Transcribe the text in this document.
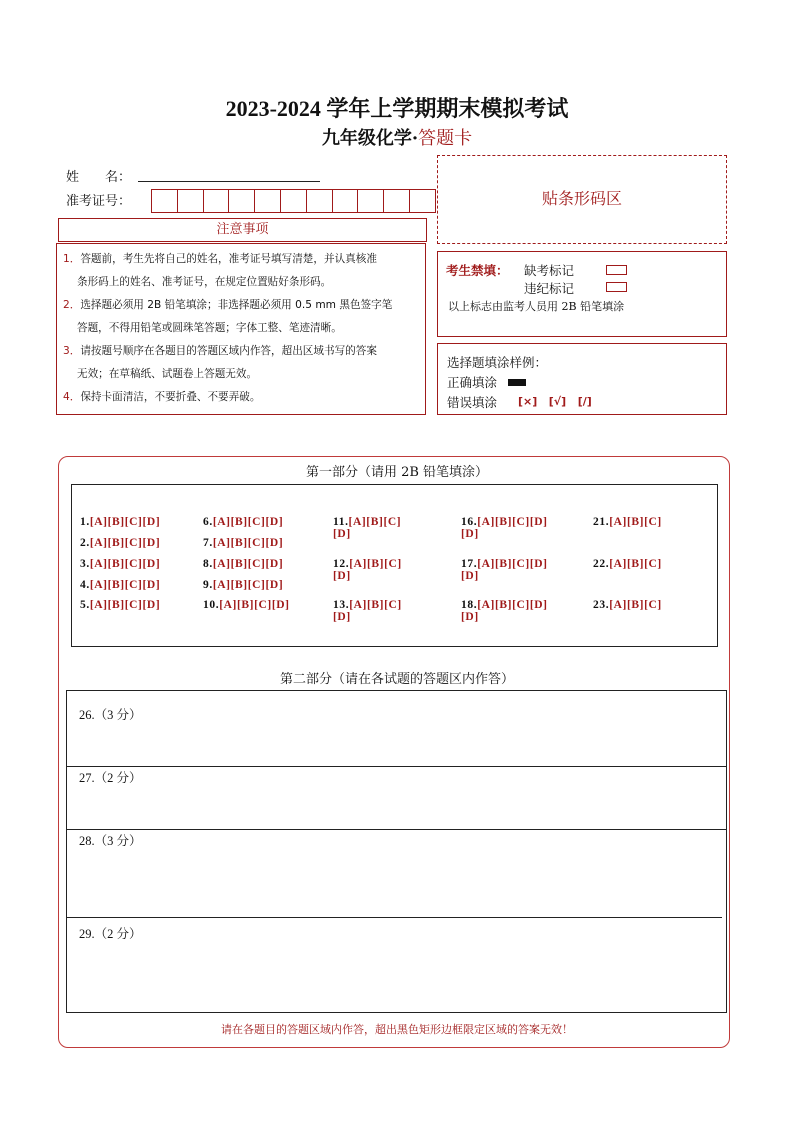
2023-2024 学年上学期期末模拟考试
九年级化学·答题卡
姓　　名：
准考证号：
注意事项
1．答题前，考生先将自己的姓名，准考证号填写清楚，并认真核准
条形码上的姓名、准考证号，在规定位置贴好条形码。
2．选择题必须用 2B 铅笔填涂；非选择题必须用 0.5 mm 黑色签字笔
答题，不得用铅笔或圆珠笔答题；字体工整、笔迹清晰。
3．请按题号顺序在各题目的答题区域内作答，超出区域书写的答案
无效；在草稿纸、试题卷上答题无效。
4．保持卡面清洁，不要折叠、不要弄破。
贴条形码区
考生禁填： 缺考标记
违纪标记
以上标志由监考人员用 2B 铅笔填涂
选择题填涂样例：
正确填涂
错误填涂 [×] [√] [/]
第一部分（请用 2B 铅笔填涂）
1.[A][B][C][D]
2.[A][B][C][D]
3.[A][B][C][D]
4.[A][B][C][D]
5.[A][B][C][D]
6.[A][B][C][D]
7.[A][B][C][D]
8.[A][B][C][D]
9.[A][B][C][D]
10.[A][B][C][D]
11.[A][B][C]
[D]
12.[A][B][C]
[D]
13.[A][B][C]
[D]
16.[A][B][C][D]
[D]
17.[A][B][C][D]
[D]
18.[A][B][C][D]
[D]
21.[A][B][C]
22.[A][B][C]
23.[A][B][C]
第二部分（请在各试题的答题区内作答）
26.（3 分）
27.（2 分）
28.（3 分）
29.（2 分）
请在各题目的答题区域内作答，超出黑色矩形边框限定区域的答案无效！
